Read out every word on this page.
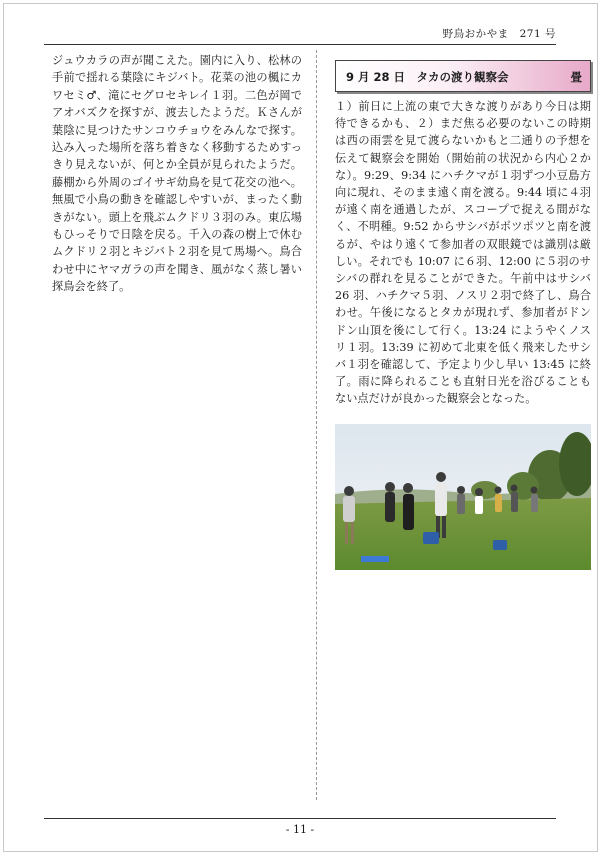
野鳥おかやま　271 号
ジュウカラの声が聞こえた。園内に入り、松林の手前で揺れる葉陰にキジバト。花菜の池の楓にカワセミ♂、滝にセグロセキレイ１羽。二色が岡でアオバズクを探すが、渡去したようだ。Ｋさんが葉陰に見つけたサンコウチョウをみんなで探す。込み入った場所を落ち着きなく移動するためすっきり見えないが、何とか全員が見られたようだ。藤棚から外周のゴイサギ幼鳥を見て花交の池へ。無風で小鳥の動きを確認しやすいが、まったく動きがない。頭上を飛ぶムクドリ３羽のみ。東広場もひっそりで日陰を戻る。千入の森の樹上で休むムクドリ２羽とキジバト２羽を見て馬場へ。鳥合わせ中にヤマガラの声を聞き、風がなく蒸し暑い探鳥会を終了。
9 月 28 日　タカの渡り観察会	畳
１）前日に上流の東で大きな渡りがあり今日は期待できるかも、２）まだ焦る必要のないこの時期は西の雨雲を見て渡らないかもと二通りの予想を伝えて観察会を開始（開始前の状況から内心２かな）。9:29、9:34 にハチクマが１羽ずつ小豆島方向に現れ、そのまま遠く南を渡る。9:44 頃に４羽が遠く南を通過したが、スコープで捉える間がなく、不明種。9:52 からサシバがポツポツと南を渡るが、やはり遠くて参加者の双眼鏡では識別は厳しい。それでも 10:07 に６羽、12:00 に５羽のサシバの群れを見ることができた。午前中はサシバ 26 羽、ハチクマ５羽、ノスリ２羽で終了し、鳥合わせ。午後になるとタカが現れず、参加者がドンドン山頂を後にして行く。13:24 にようやくノスリ１羽。13:39 に初めて北東を低く飛来したサシバ１羽を確認して、予定より少し早い 13:45 に終了。雨に降られることも直射日光を浴びることもない点だけが良かった観察会となった。
- 11 -
